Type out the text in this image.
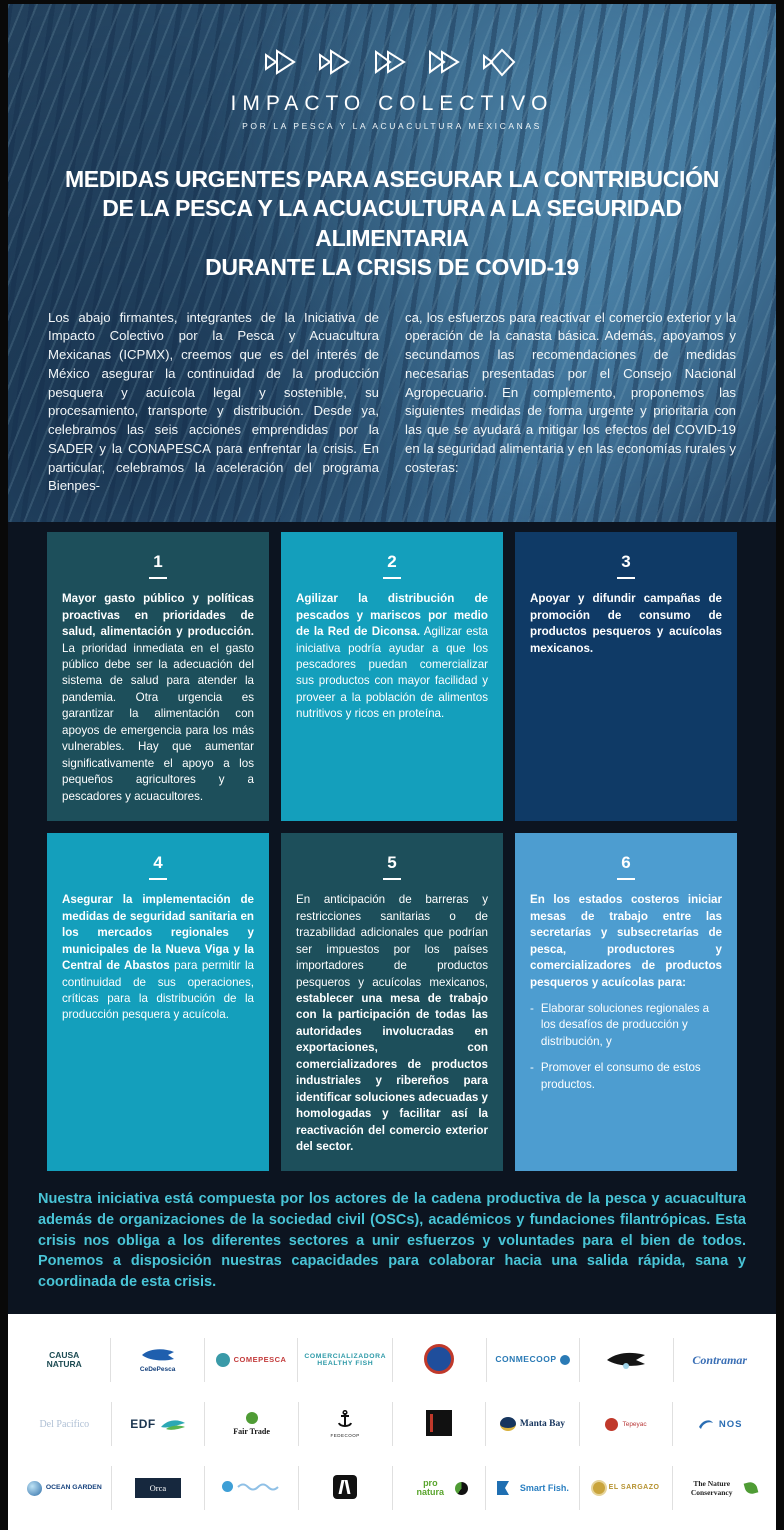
IMPACTO COLECTIVO
POR LA PESCA Y LA ACUACULTURA MEXICANAS
MEDIDAS URGENTES PARA ASEGURAR LA CONTRIBUCIÓN
DE LA PESCA Y LA ACUACULTURA A LA SEGURIDAD ALIMENTARIA
DURANTE LA CRISIS DE COVID-19
Los abajo firmantes, integrantes de la Iniciativa de Impacto Colectivo por la Pesca y Acuacultura Mexicanas (ICPMX), creemos que es del interés de México asegurar la continuidad de la producción pesquera y acuícola legal y sostenible, su procesamiento, transporte y distribución. Desde ya, celebramos las seis acciones emprendidas por la SADER y la CONAPESCA para enfrentar la crisis. En particular, celebramos la aceleración del programa Bienpes-
ca, los esfuerzos para reactivar el comercio exterior y la operación de la canasta básica. Además, apoyamos y secundamos las recomendaciones de medidas necesarias presentadas por el Consejo Nacional Agropecuario. En complemento, proponemos las siguientes medidas de forma urgente y prioritaria con las que se ayudará a mitigar los efectos del COVID-19 en la seguridad alimentaria y en las economías rurales y costeras:
1

Mayor gasto público y políticas proactivas en prioridades de salud, alimentación y producción. La prioridad inmediata en el gasto público debe ser la adecuación del sistema de salud para atender la pandemia. Otra urgencia es garantizar la alimentación con apoyos de emergencia para los más vulnerables. Hay que aumentar significativamente el apoyo a los pequeños agricultores y a pescadores y acuacultores.

2

Agilizar la distribución de pescados y mariscos por medio de la Red de Diconsa. Agilizar esta iniciativa podría ayudar a que los pescadores puedan comercializar sus productos con mayor facilidad y proveer a la población de alimentos nutritivos y ricos en proteína.

3

Apoyar y difundir campañas de promoción de consumo de productos pesqueros y acuícolas mexicanos.

4

Asegurar la implementación de medidas de seguridad sanitaria en los mercados regionales y municipales de la Nueva Viga y la Central de Abastos para permitir la continuidad de sus operaciones, críticas para la distribución de la producción pesquera y acuícola.

5

En anticipación de barreras y restricciones sanitarias o de trazabilidad adicionales que podrían ser impuestos por los países importadores de productos pesqueros y acuícolas mexicanos, establecer una mesa de trabajo con la participación de todas las autoridades involucradas en exportaciones, con comercializadores de productos industriales y ribereños para identificar soluciones adecuadas y homologadas y facilitar así la reactivación del comercio exterior del sector.

6

En los estados costeros iniciar mesas de trabajo entre las secretarías y subsecretarías de pesca, productores y comercializadores de productos pesqueros y acuícolas para:

- Elaborar soluciones regionales a los desafíos de producción y distribución, y
- Promover el consumo de estos productos.
Nuestra iniciativa está compuesta por los actores de la cadena productiva de la pesca y acuacultura además de organizaciones de la sociedad civil (OSCs), académicos y fundaciones filantrópicas. Esta crisis nos obliga a los diferentes sectores a unir esfuerzos y voluntades para el bien de todos. Ponemos a disposición nuestras capacidades para colaborar hacia una salida rápida, sana y coordinada de esta crisis.
CAUSA NATURA
CeDePesca
COMEPESCA	COMERCIALIZADORA HEALTHY FISH	CONMECOOP	Contramar
Del Pacifico	EDF
Fair Trade	FEDECOOP
Manta Bay	Tepeyac	NOS
OCEAN GARDEN	Orca	pro natura	Smart Fish.	EL SARGAZO	The Nature Conservancy
